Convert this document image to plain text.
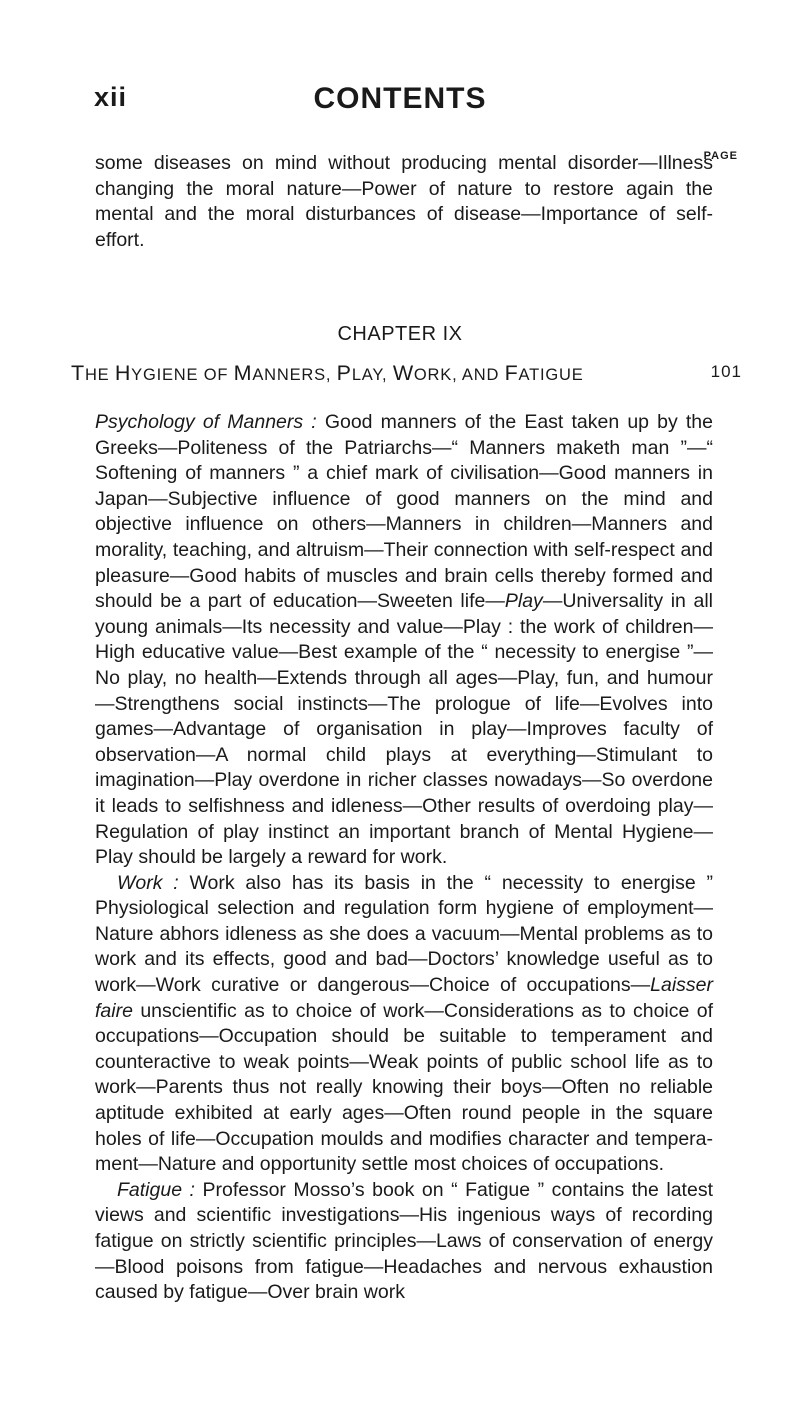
xii	CONTENTS
PAGE

some diseases on mind without producing mental disorder—Illness changing the moral nature—Power of nature to restore again the mental and the moral disturbances of disease—Importance of self-effort.

CHAPTER IX
THE HYGIENE OF MANNERS, PLAY, WORK, AND FATIGUE	101

Psychology of Manners : Good manners of the East taken up by the Greeks—Politeness of the Patriarchs—“ Manners maketh man ”—“ Softening of manners ” a chief mark of civilisation—Good manners in Japan—Subjective influence of good manners on the mind and objective influence on others—Manners in children—Manners and morality, teaching, and altruism—Their connection with self-respect and pleasure—Good habits of muscles and brain cells thereby formed and should be a part of education—Sweeten life—Play—Universality in all young animals—Its necessity and value—Play : the work of children—High educative value—Best example of the “ necessity to energise ”—No play, no health—Extends through all ages—Play, fun, and humour—Strengthens social instincts—The prologue of life—Evolves into games—Advantage of organisation in play—Improves faculty of observation—A normal child plays at everything—Stimulant to imagination—Play overdone in richer classes nowadays—So overdone it leads to selfishness and idleness—Other results of overdoing play—Regulation of play instinct an important branch of Mental Hygiene—Play should be largely a reward for work.

Work : Work also has its basis in the “ necessity to energise ” Physiological selection and regulation form hygiene of employment—Nature abhors idleness as she does a vacuum—Mental problems as to work and its effects, good and bad—Doctors’ knowledge useful as to work—Work curative or dangerous—Choice of occupations—Laisser faire unscientific as to choice of work—Considerations as to choice of occupations—Occupation should be suitable to temperament and counteractive to weak points—Weak points of public school life as to work—Parents thus not really knowing their boys—Often no reliable aptitude exhibited at early ages—Often round people in the square holes of life—Occupation moulds and modifies character and temperament—Nature and opportunity settle most choices of occupations.

Fatigue : Professor Mosso’s book on “ Fatigue ” contains the latest views and scientific investigations—His ingenious ways of recording fatigue on strictly scientific principles—Laws of conservation of energy—Blood poisons from fatigue—Headaches and nervous exhaustion caused by fatigue—Over brain work
